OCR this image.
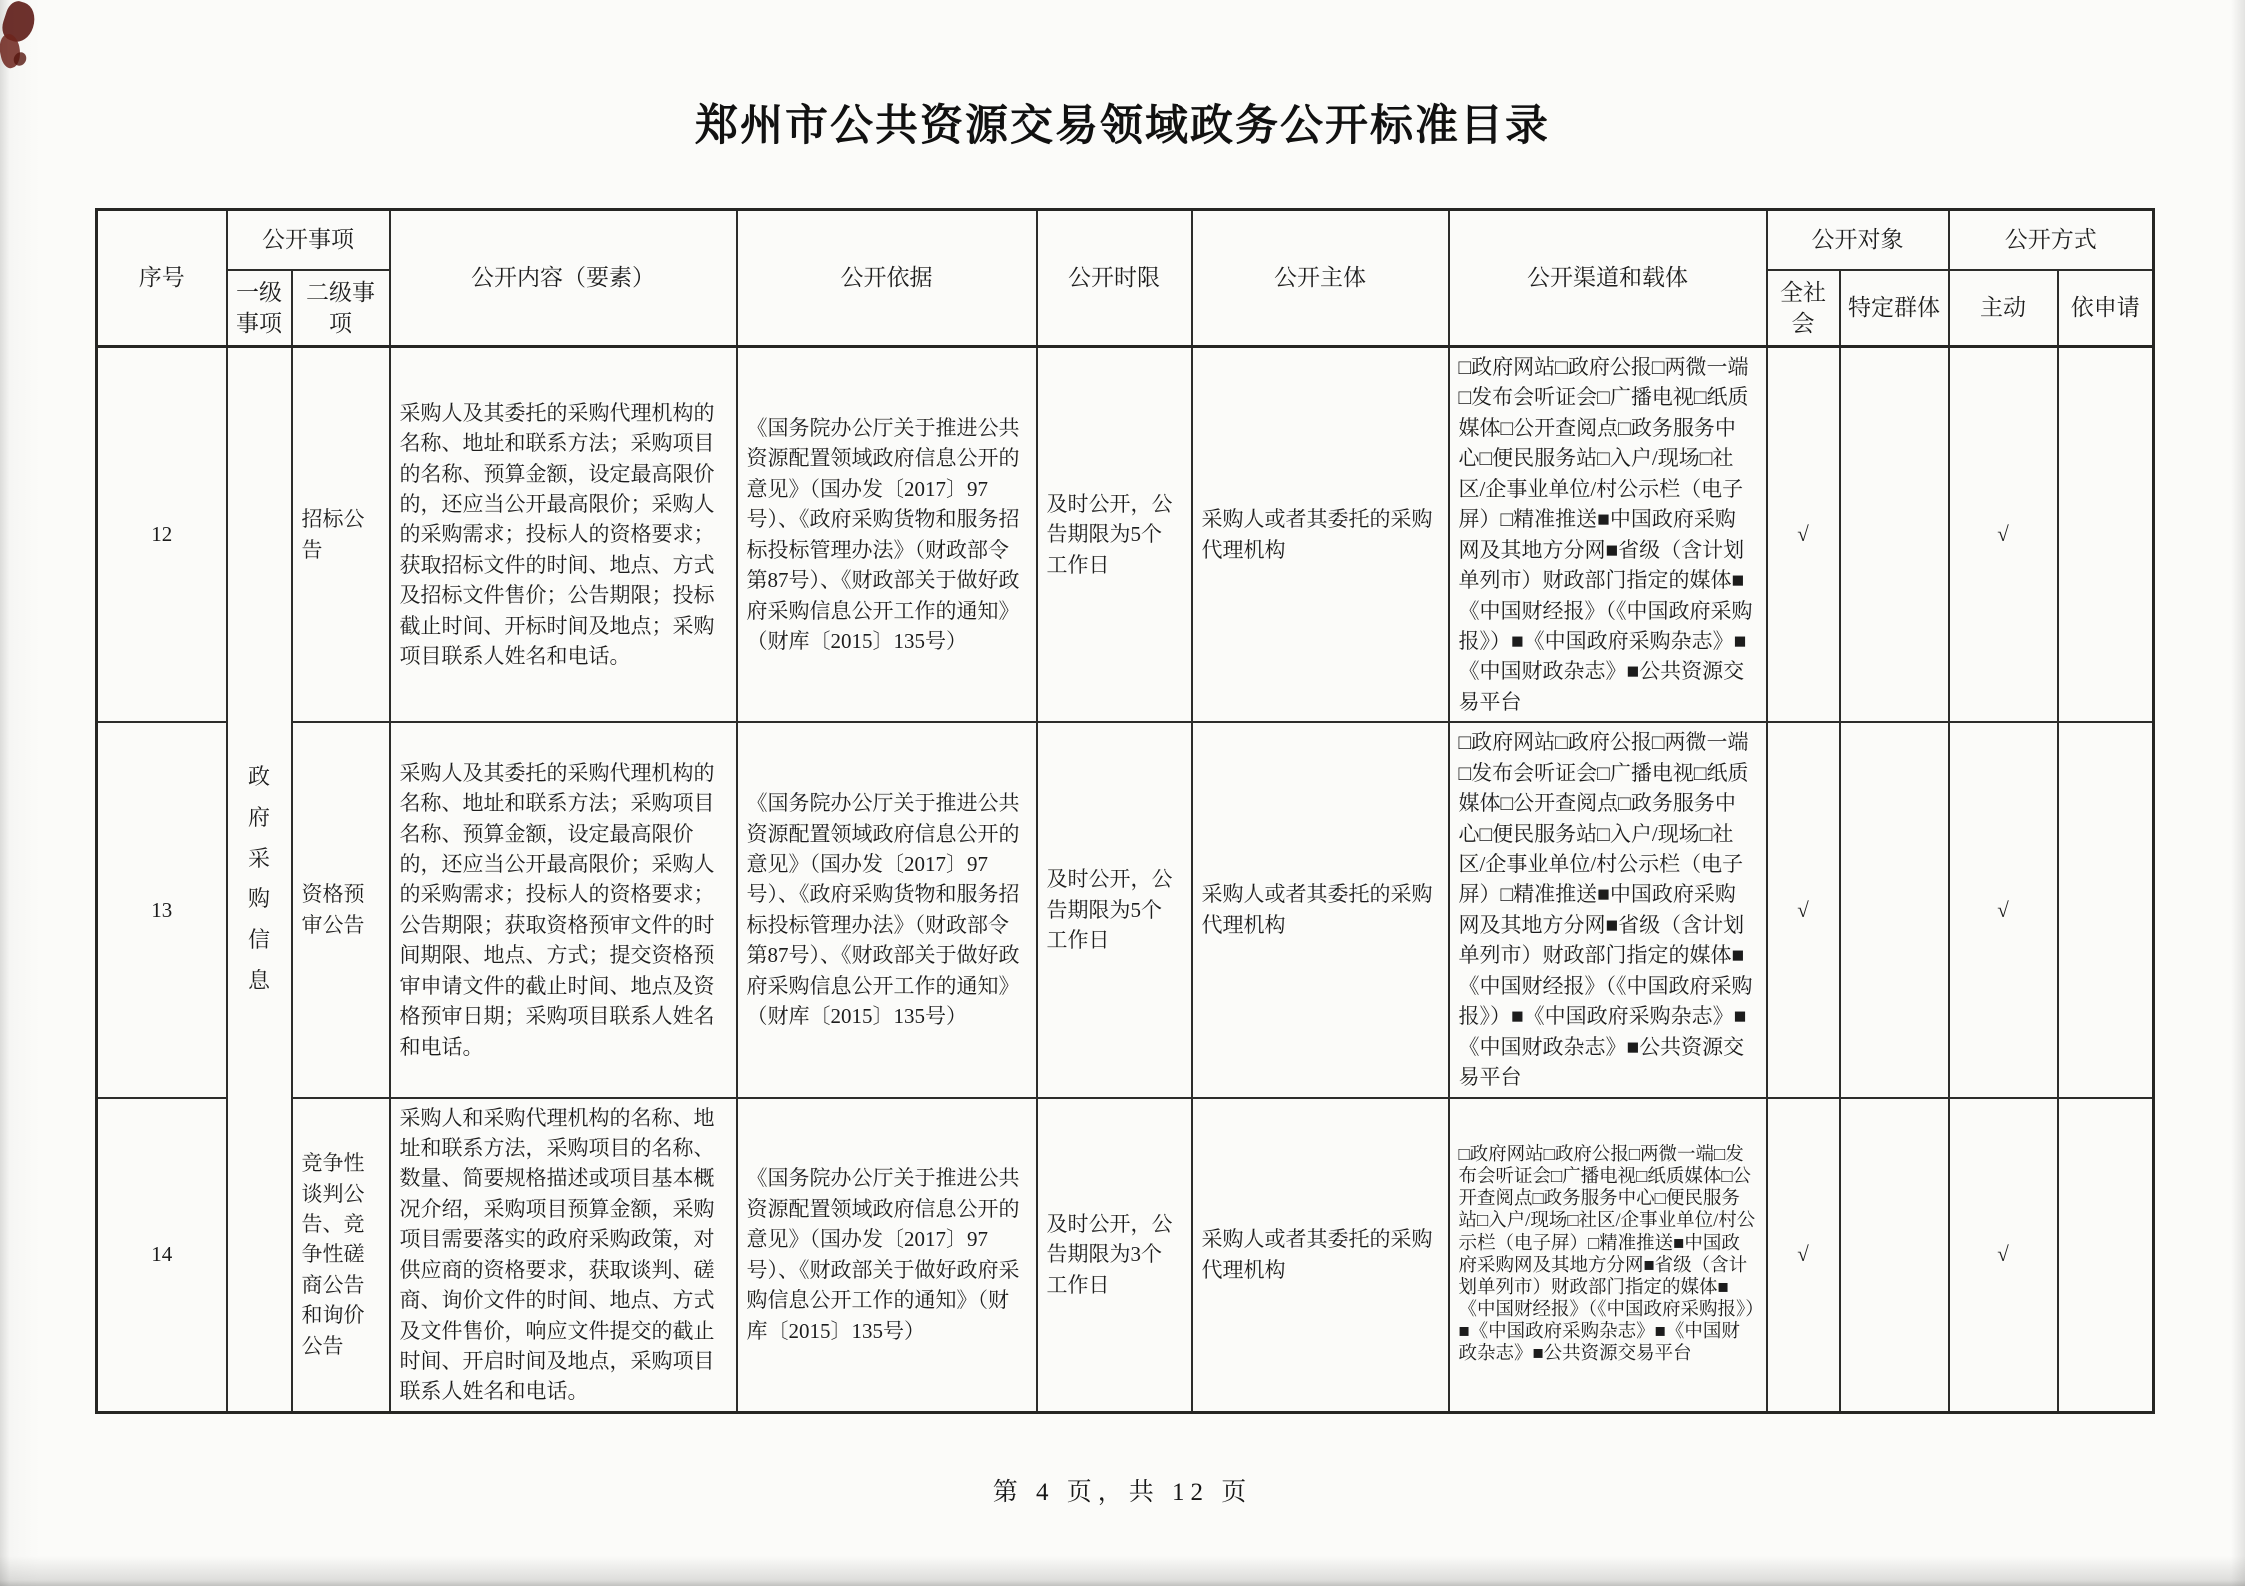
郑州市公共资源交易领域政务公开标准目录
序号	公开事项		公开内容（要素）	公开依据	公开时限	公开主体	公开渠道和载体	公开对象		公开方式	
	一级事项	二级事项						全社会	特定群体	主动	依申请
12	政府采购信息	招标公告	采购人及其委托的采购代理机构的名称、地址和联系方法；采购项目的名称、预算金额，设定最高限价的，还应当公开最高限价；采购人的采购需求；投标人的资格要求；获取招标文件的时间、地点、方式及招标文件售价；公告期限；投标截止时间、开标时间及地点；采购项目联系人姓名和电话。	《国务院办公厅关于推进公共资源配置领域政府信息公开的意见》（国办发〔2017〕97号）、《政府采购货物和服务招标投标管理办法》（财政部令第87号）、《财政部关于做好政府采购信息公开工作的通知》（财库〔2015〕135号）	及时公开，公告期限为5个工作日	采购人或者其委托的采购代理机构	□政府网站□政府公报□两微一端□发布会听证会□广播电视□纸质媒体□公开查阅点□政务服务中心□便民服务站□入户/现场□社区/企事业单位/村公示栏（电子屏）□精准推送■中国政府采购网及其地方分网■省级（含计划单列市）财政部门指定的媒体■《中国财经报》（《中国政府采购报》）■《中国政府采购杂志》■《中国财政杂志》■公共资源交易平台	√		√	
13		资格预审公告	采购人及其委托的采购代理机构的名称、地址和联系方法；采购项目名称、预算金额，设定最高限价的，还应当公开最高限价；采购人的采购需求；投标人的资格要求；公告期限；获取资格预审文件的时间期限、地点、方式；提交资格预审申请文件的截止时间、地点及资格预审日期；采购项目联系人姓名和电话。	《国务院办公厅关于推进公共资源配置领域政府信息公开的意见》（国办发〔2017〕97号）、《政府采购货物和服务招标投标管理办法》（财政部令第87号）、《财政部关于做好政府采购信息公开工作的通知》（财库〔2015〕135号）	及时公开，公告期限为5个工作日	采购人或者其委托的采购代理机构	□政府网站□政府公报□两微一端□发布会听证会□广播电视□纸质媒体□公开查阅点□政务服务中心□便民服务站□入户/现场□社区/企事业单位/村公示栏（电子屏）□精准推送■中国政府采购网及其地方分网■省级（含计划单列市）财政部门指定的媒体■《中国财经报》（《中国政府采购报》）■《中国政府采购杂志》■《中国财政杂志》■公共资源交易平台	√		√	
14		竞争性谈判公告、竞争性磋商公告和询价公告	采购人和采购代理机构的名称、地址和联系方法，采购项目的名称、数量、简要规格描述或项目基本概况介绍，采购项目预算金额，采购项目需要落实的政府采购政策，对供应商的资格要求，获取谈判、磋商、询价文件的时间、地点、方式及文件售价，响应文件提交的截止时间、开启时间及地点，采购项目联系人姓名和电话。	《国务院办公厅关于推进公共资源配置领域政府信息公开的意见》（国办发〔2017〕97号）、《财政部关于做好政府采购信息公开工作的通知》（财库〔2015〕135号）	及时公开，公告期限为3个工作日	采购人或者其委托的采购代理机构	□政府网站□政府公报□两微一端□发布会听证会□广播电视□纸质媒体□公开查阅点□政务服务中心□便民服务站□入户/现场□社区/企事业单位/村公示栏（电子屏）□精准推送■中国政府采购网及其地方分网■省级（含计划单列市）财政部门指定的媒体■《中国财经报》（《中国政府采购报》）■《中国政府采购杂志》■《中国财政杂志》■公共资源交易平台	√		√	
第 4 页，共 12 页
